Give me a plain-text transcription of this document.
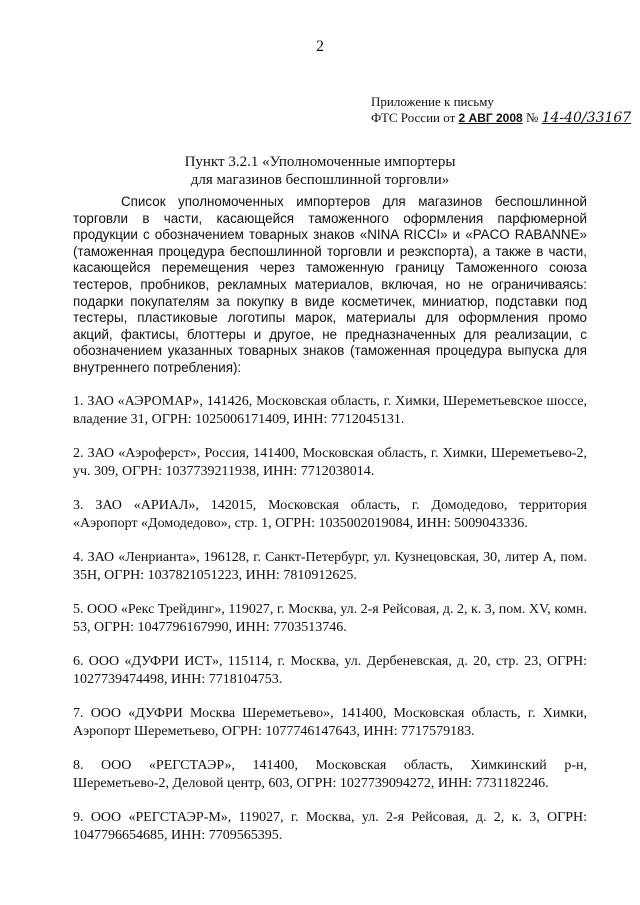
2
Приложение к письму
ФТС России от 2 АВГ 2008 № 14-40/33167
Пункт 3.2.1 «Уполномоченные импортеры
для магазинов беспошлинной торговли»

Список уполномоченных импортеров для магазинов беспошлинной торговли в части, касающейся таможенного оформления парфюмерной продукции с обозначением товарных знаков «NINA RICCI» и «PACO RABANNE» (таможенная процедура беспошлинной торговли и реэкспорта), а также в части, касающейся перемещения через таможенную границу Таможенного союза тестеров, пробников, рекламных материалов, включая, но не ограничиваясь: подарки покупателям за покупку в виде косметичек, миниатюр, подставки под тестеры, пластиковые логотипы марок, материалы для оформления промо акций, фактисы, блоттеры и другое, не предназначенных для реализации, с обозначением указанных товарных знаков (таможенная процедура выпуска для внутреннего потребления):

1. ЗАО «АЭРОМАР», 141426, Московская область, г. Химки, Шереметьевское шоссе, владение 31, ОГРН: 1025006171409, ИНН: 7712045131.
2. ЗАО «Аэроферст», Россия, 141400, Московская область, г. Химки, Шереметьево-2, уч. 309, ОГРН: 1037739211938, ИНН: 7712038014.
3. ЗАО «АРИАЛ», 142015, Московская область, г. Домодедово, территория «Аэропорт «Домодедово», стр. 1, ОГРН: 1035002019084, ИНН: 5009043336.
4. ЗАО «Ленрианта», 196128, г. Санкт-Петербург, ул. Кузнецовская, 30, литер А, пом. 35Н, ОГРН: 1037821051223, ИНН: 7810912625.
5. ООО «Рекс Трейдинг», 119027, г. Москва, ул. 2-я Рейсовая, д. 2, к. 3, пом. XV, комн. 53, ОГРН: 1047796167990, ИНН: 7703513746.
6. ООО «ДУФРИ ИСТ», 115114, г. Москва, ул. Дербеневская, д. 20, стр. 23, ОГРН: 1027739474498, ИНН: 7718104753.
7. ООО «ДУФРИ Москва Шереметьево», 141400, Московская область, г. Химки, Аэропорт Шереметьево, ОГРН: 1077746147643, ИНН: 7717579183.
8. ООО «РЕГСТАЭР», 141400, Московская область, Химкинский р-н, Шереметьево-2, Деловой центр, 603, ОГРН: 1027739094272, ИНН: 7731182246.
9. ООО «РЕГСТАЭР-М», 119027, г. Москва, ул. 2-я Рейсовая, д. 2, к. 3, ОГРН: 1047796654685, ИНН: 7709565395.
